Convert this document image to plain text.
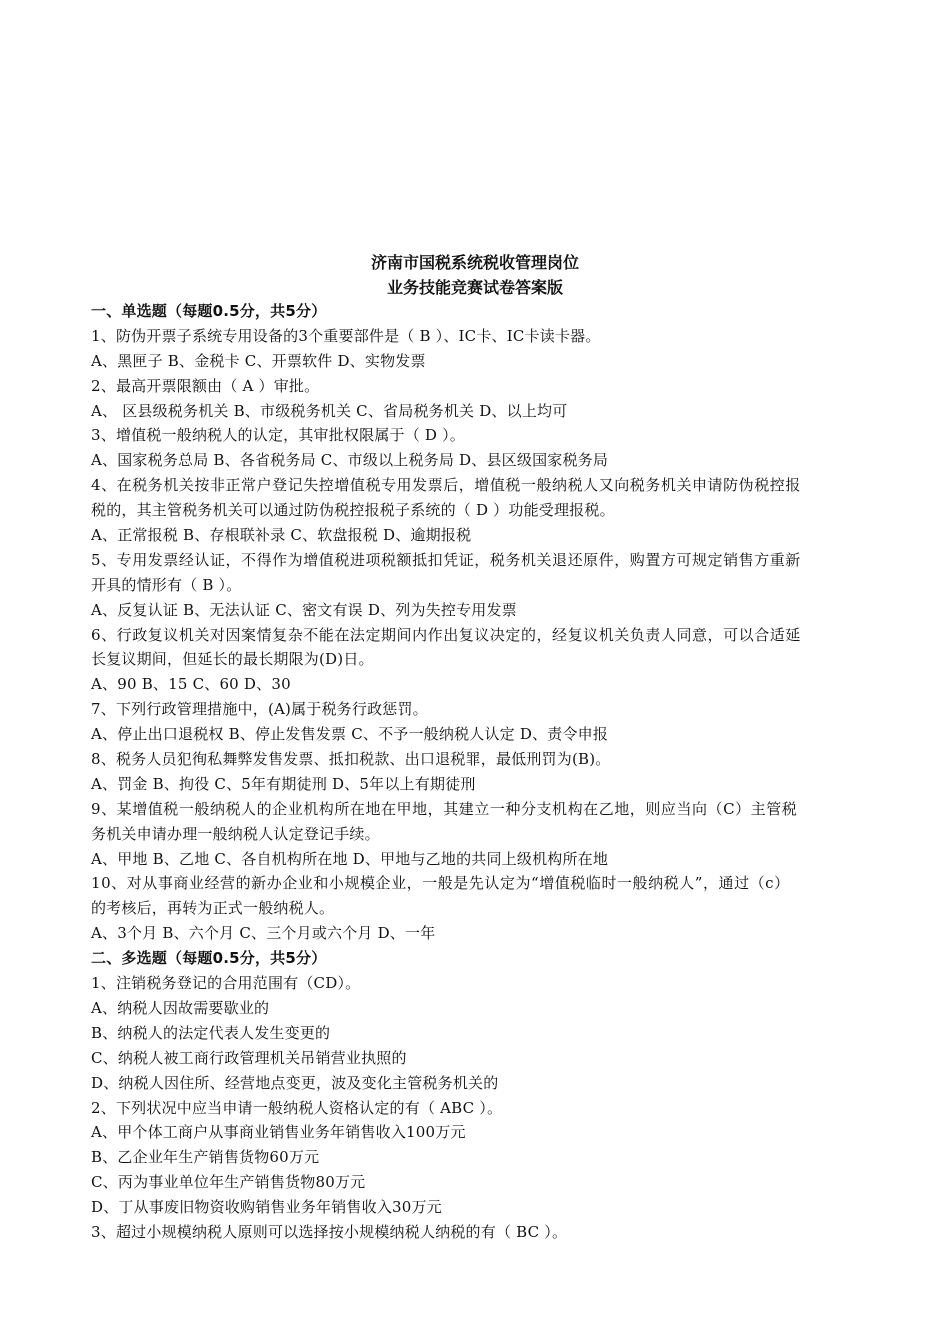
济南市国税系统税收管理岗位
业务技能竞赛试卷答案版
一、单选题（每题0.5分，共5分）
1、防伪开票子系统专用设备的3个重要部件是（ B ）、IC卡、IC卡读卡器。
A、黑匣子 B、金税卡 C、开票软件 D、实物发票
2、最高开票限额由（ A ）审批。
A、 区县级税务机关 B、市级税务机关 C、省局税务机关 D、以上均可
3、增值税一般纳税人的认定，其审批权限属于（ D ）。
A、国家税务总局 B、各省税务局 C、市级以上税务局 D、县区级国家税务局
4、在税务机关按非正常户登记失控增值税专用发票后，增值税一般纳税人又向税务机关申请防伪税控报
税的，其主管税务机关可以通过防伪税控报税子系统的（ D ）功能受理报税。
A、正常报税 B、存根联补录 C、软盘报税 D、逾期报税
5、专用发票经认证，不得作为增值税进项税额抵扣凭证，税务机关退还原件，购置方可规定销售方重新
开具的情形有（ B ）。
A、反复认证 B、无法认证 C、密文有误 D、列为失控专用发票
6、行政复议机关对因案情复杂不能在法定期间内作出复议决定的，经复议机关负责人同意，可以合适延
长复议期间，但延长的最长期限为(D)日。
A、90 B、15 C、60 D、30
7、下列行政管理措施中，(A)属于税务行政惩罚。
A、停止出口退税权 B、停止发售发票 C、不予一般纳税人认定 D、责令申报
8、税务人员犯徇私舞弊发售发票、抵扣税款、出口退税罪，最低刑罚为(B)。
A、罚金 B、拘役 C、5年有期徒刑 D、5年以上有期徒刑
9、某增值税一般纳税人的企业机构所在地在甲地，其建立一种分支机构在乙地，则应当向（C）主管税
务机关申请办理一般纳税人认定登记手续。
A、甲地 B、乙地 C、各自机构所在地 D、甲地与乙地的共同上级机构所在地
10、对从事商业经营的新办企业和小规模企业，一般是先认定为“增值税临时一般纳税人”，通过（c）
的考核后，再转为正式一般纳税人。
A、3个月 B、六个月 C、三个月或六个月 D、一年
二、多选题（每题0.5分，共5分）
1、注销税务登记的合用范围有（CD）。
A、纳税人因故需要歇业的
B、纳税人的法定代表人发生变更的
C、纳税人被工商行政管理机关吊销营业执照的
D、纳税人因住所、经营地点变更，波及变化主管税务机关的
2、下列状况中应当申请一般纳税人资格认定的有（ ABC ）。
A、甲个体工商户从事商业销售业务年销售收入100万元
B、乙企业年生产销售货物60万元
C、丙为事业单位年生产销售货物80万元
D、丁从事废旧物资收购销售业务年销售收入30万元
3、超过小规模纳税人原则可以选择按小规模纳税人纳税的有（ BC ）。
